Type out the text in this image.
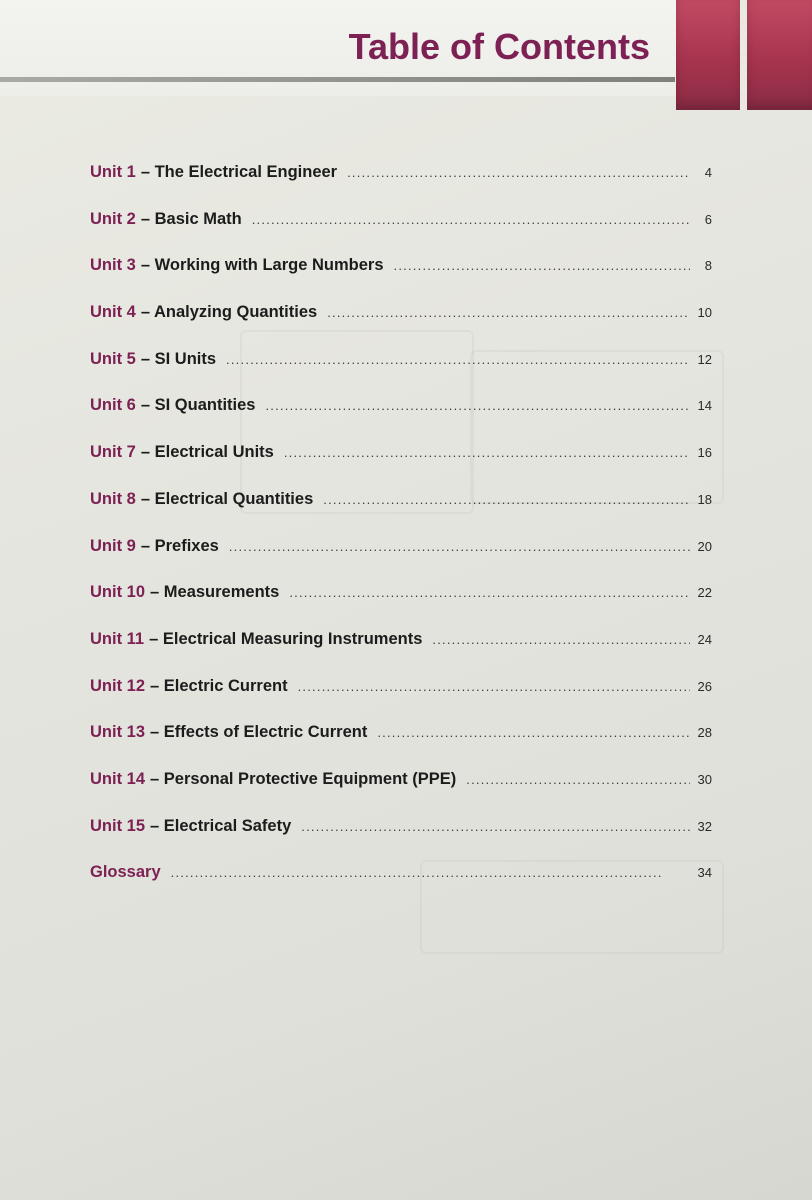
Table of Contents
Unit 1 – The Electrical Engineer . . .	4
Unit 2 – Basic Math . . .	6
Unit 3 – Working with Large Numbers . . .	8
Unit 4 – Analyzing Quantities . . .	10
Unit 5 – SI Units . . .	12
Unit 6 – SI Quantities . . .	14
Unit 7 – Electrical Units . . .	16
Unit 8 – Electrical Quantities . . .	18
Unit 9 – Prefixes . . .	20
Unit 10 – Measurements . . .	22
Unit 11 – Electrical Measuring Instruments . . .	24
Unit 12 – Electric Current . . .	26
Unit 13 – Effects of Electric Current . . .	28
Unit 14 – Personal Protective Equipment (PPE) . . .	30
Unit 15 – Electrical Safety . . .	32
Glossary . . .	34
